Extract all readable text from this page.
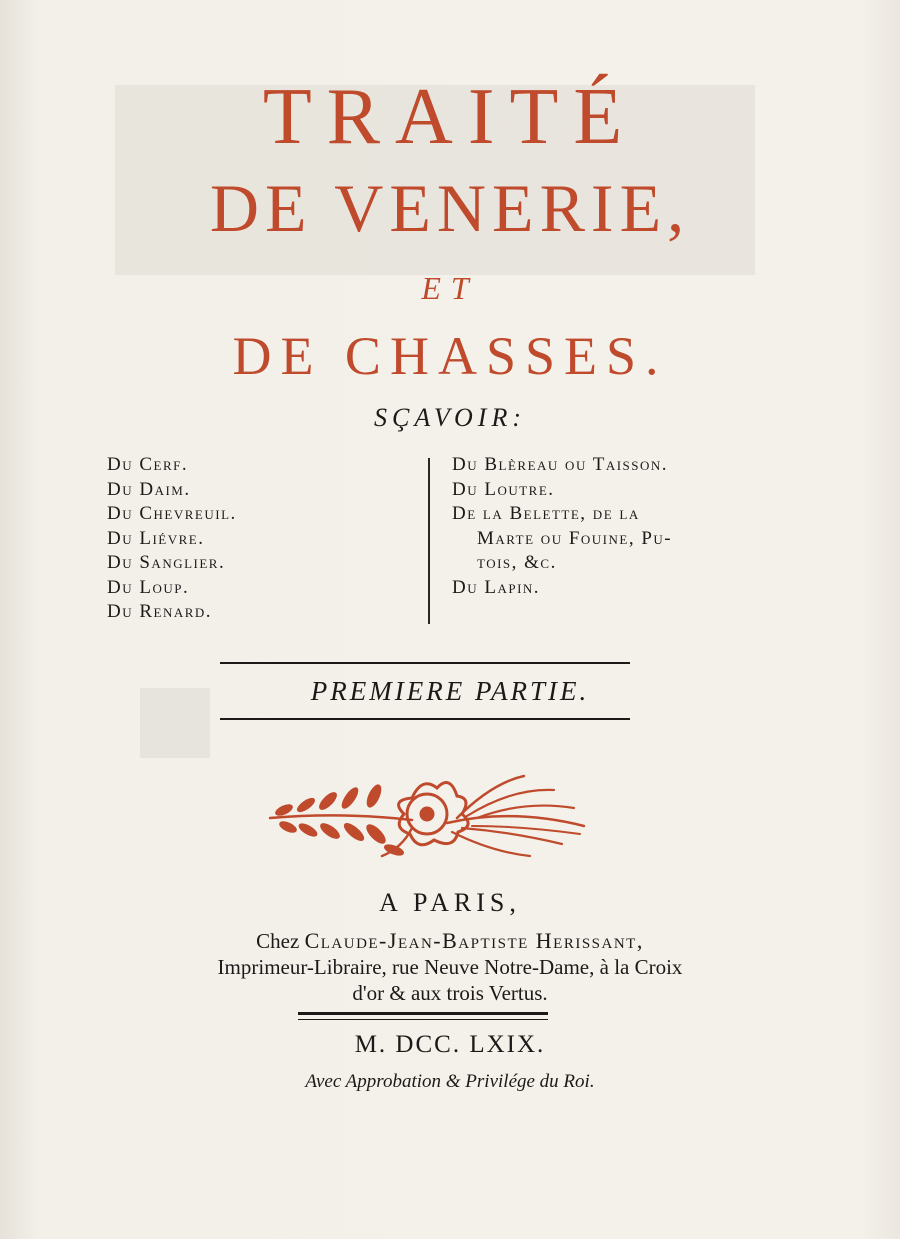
TRAITÉ
DE VENERIE,
ET
DE CHASSES.
SÇAVOIR:
Du Cerf.
Du Daim.
Du Chevreuil.
Du Liévre.
Du Sanglier.
Du Loup.
Du Renard.
Du Blèreau ou Taisson.
Du Loutre.
De la Belette, de la
Marte ou Fouine, Pu-
tois, &c.
Du Lapin.
PREMIERE PARTIE.
A PARIS,
Chez Claude-Jean-Baptiste Herissant,
Imprimeur-Libraire, rue Neuve Notre-Dame, à la Croix
d'or & aux trois Vertus.
M. DCC. LXIX.
Avec Approbation & Privilége du Roi.
